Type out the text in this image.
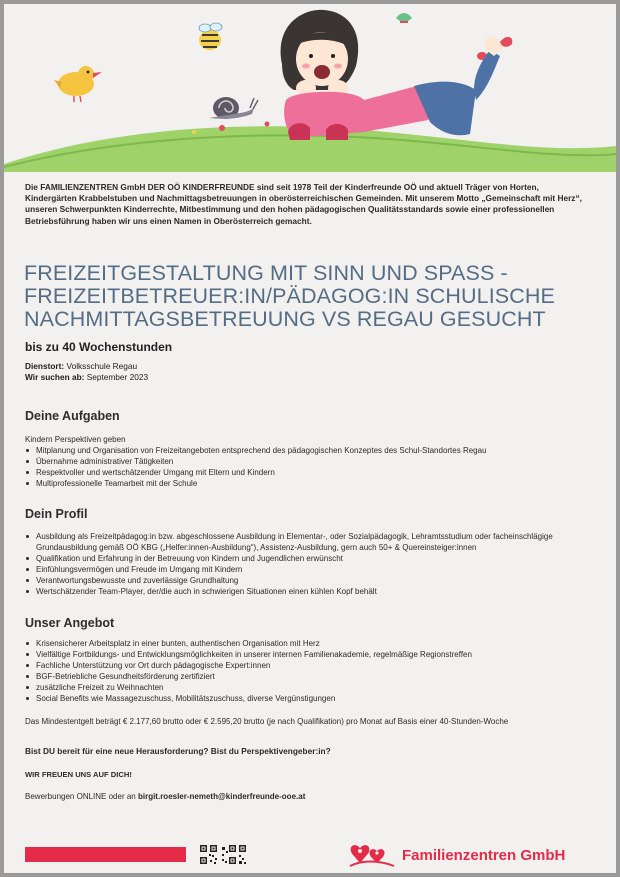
Die FAMILIENZENTREN GmbH DER OÖ KINDERFREUNDE sind seit 1978 Teil der Kinderfreunde OÖ und aktuell Träger von Horten, Kindergärten Krabbelstuben und Nachmittagsbetreuungen in oberösterreichischen Gemeinden. Mit unserem Motto „Gemeinschaft mit Herz“, unseren Schwerpunkten Kinderrechte, Mitbestimmung und den hohen pädagogischen Qualitätsstandards sowie einer professionellen Betriebsführung haben wir uns einen Namen in Oberösterreich gemacht.
FREIZEITGESTALTUNG MIT SINN UND SPASS -
FREIZEITBETREUER:IN/PÄDAGOG:IN SCHULISCHE
NACHMITTAGSBETREUUNG VS REGAU GESUCHT
bis zu 40 Wochenstunden
Dienstort: Volksschule Regau
Wir suchen ab: September 2023
Deine Aufgaben
Kindern Perspektiven geben
Mitplanung und Organisation von Freizeitangeboten entsprechend des pädagogischen Konzeptes des Schul-Standortes Regau
Übernahme administrativer Tätigkeiten
Respektvoller und wertschätzender Umgang mit Eltern und Kindern
Multiprofessionelle Teamarbeit mit der Schule
Dein Profil
Ausbildung als Freizeitpädagog:in bzw. abgeschlossene Ausbildung in Elementar-, oder Sozialpädagogik, Lehramtsstudium oder facheinschlägige Grundausbildung gemäß OÖ KBG („Helfer:innen-Ausbildung“), Assistenz-Ausbildung, gern auch 50+ & Quereinsteiger:innen
Qualifikation und Erfahrung in der Betreuung von Kindern und Jugendlichen erwünscht
Einfühlungsvermögen und Freude im Umgang mit Kindern
Verantwortungsbewusste und zuverlässige Grundhaltung
Wertschätzender Team-Player, der/die auch in schwierigen Situationen einen kühlen Kopf behält
Unser Angebot
Krisensicherer Arbeitsplatz in einer bunten, authentischen Organisation mit Herz
Vielfältige Fortbildungs- und Entwicklungsmöglichkeiten in unserer internen Familienakademie, regelmäßige Regionstreffen
Fachliche Unterstützung vor Ort durch pädagogische Expert:innen
BGF-Betriebliche Gesundheitsförderung zertifiziert
zusätzliche Freizeit zu Weihnachten
Social Benefits wie Massagezuschuss, Mobilitätszuschuss, diverse Vergünstigungen
Das Mindestentgelt beträgt € 2.177,60 brutto oder € 2.595,20 brutto (je nach Qualifikation) pro Monat auf Basis einer 40-Stunden-Woche
Bist DU bereit für eine neue Herausforderung? Bist du Perspektivengeber:in?
WIR FREUEN UNS AUF DICH!
Bewerbungen ONLINE oder an birgit.roesler-nemeth@kinderfreunde-ooe.at
Familienzentren GmbH
